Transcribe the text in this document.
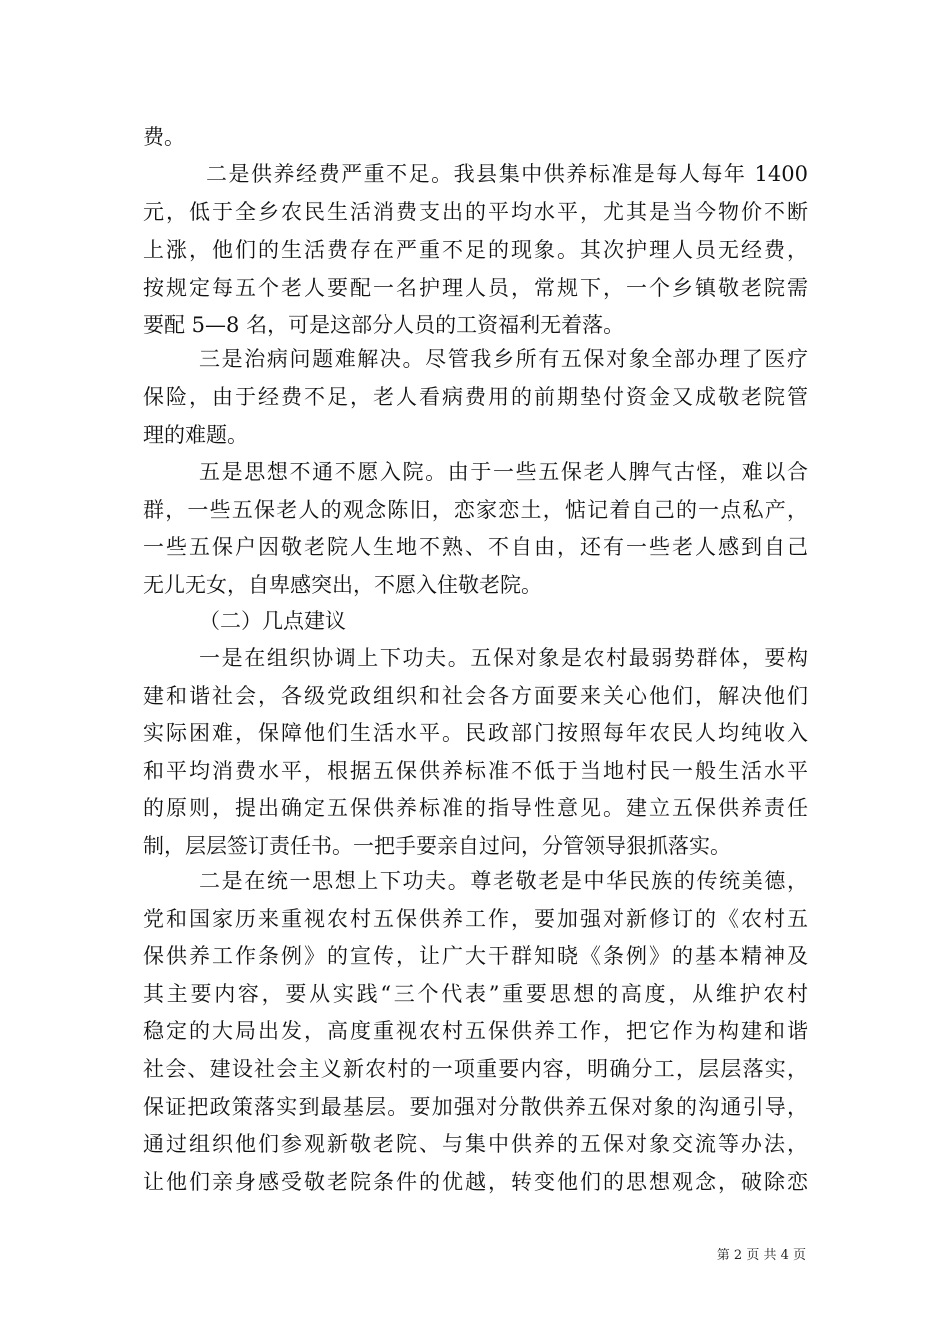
费。
二是供养经费严重不足。我县集中供养标准是每人每年 1400
元，低于全乡农民生活消费支出的平均水平，尤其是当今物价不断
上涨，他们的生活费存在严重不足的现象。其次护理人员无经费，
按规定每五个老人要配一名护理人员，常规下，一个乡镇敬老院需
要配 5—8 名，可是这部分人员的工资福利无着落。
三是治病问题难解决。尽管我乡所有五保对象全部办理了医疗
保险，由于经费不足，老人看病费用的前期垫付资金又成敬老院管
理的难题。
五是思想不通不愿入院。由于一些五保老人脾气古怪，难以合
群，一些五保老人的观念陈旧，恋家恋土，惦记着自己的一点私产，
一些五保户因敬老院人生地不熟、不自由，还有一些老人感到自己
无儿无女，自卑感突出，不愿入住敬老院。
（二）几点建议
一是在组织协调上下功夫。五保对象是农村最弱势群体，要构
建和谐社会，各级党政组织和社会各方面要来关心他们，解决他们
实际困难，保障他们生活水平。民政部门按照每年农民人均纯收入
和平均消费水平，根据五保供养标准不低于当地村民一般生活水平
的原则，提出确定五保供养标准的指导性意见。建立五保供养责任
制，层层签订责任书。一把手要亲自过问，分管领导狠抓落实。
二是在统一思想上下功夫。尊老敬老是中华民族的传统美德，
党和国家历来重视农村五保供养工作，要加强对新修订的《农村五
保供养工作条例》的宣传，让广大干群知晓《条例》的基本精神及
其主要内容，要从实践“三个代表”重要思想的高度，从维护农村
稳定的大局出发，高度重视农村五保供养工作，把它作为构建和谐
社会、建设社会主义新农村的一项重要内容，明确分工，层层落实，
保证把政策落实到最基层。要加强对分散供养五保对象的沟通引导，
通过组织他们参观新敬老院、与集中供养的五保对象交流等办法，
让他们亲身感受敬老院条件的优越，转变他们的思想观念，破除恋
第 2 页 共 4 页
